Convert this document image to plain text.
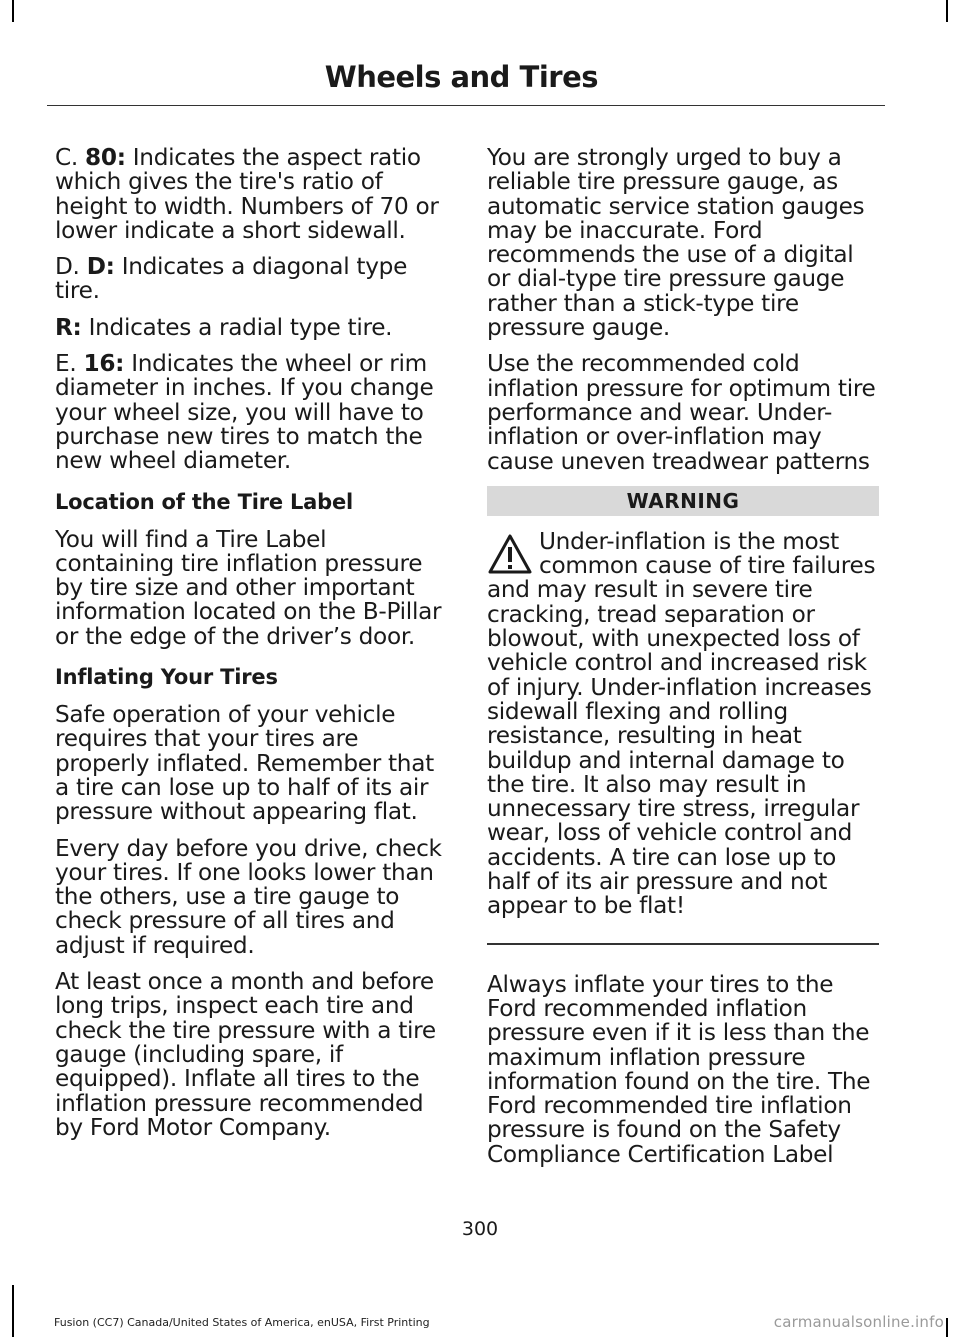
Wheels and Tires

C. 80: Indicates the aspect ratio which gives the tire's ratio of height to width. Numbers of 70 or lower indicate a short sidewall.

D. D: Indicates a diagonal type tire.

R: Indicates a radial type tire.

E. 16: Indicates the wheel or rim diameter in inches. If you change your wheel size, you will have to purchase new tires to match the new wheel diameter.

Location of the Tire Label

You will find a Tire Label containing tire inflation pressure by tire size and other important information located on the B-Pillar or the edge of the driver’s door.

Inflating Your Tires

Safe operation of your vehicle requires that your tires are properly inflated. Remember that a tire can lose up to half of its air pressure without appearing flat.

Every day before you drive, check your tires. If one looks lower than the others, use a tire gauge to check pressure of all tires and adjust if required.

At least once a month and before long trips, inspect each tire and check the tire pressure with a tire gauge (including spare, if equipped). Inflate all tires to the inflation pressure recommended by Ford Motor Company.

You are strongly urged to buy a reliable tire pressure gauge, as automatic service station gauges may be inaccurate. Ford recommends the use of a digital or dial-type tire pressure gauge rather than a stick-type tire pressure gauge.

Use the recommended cold inflation pressure for optimum tire performance and wear. Under-inflation or over-inflation may cause uneven treadwear patterns

WARNING

Under-inflation is the most common cause of tire failures and may result in severe tire cracking, tread separation or blowout, with unexpected loss of vehicle control and increased risk of injury. Under-inflation increases sidewall flexing and rolling resistance, resulting in heat buildup and internal damage to the tire. It also may result in unnecessary tire stress, irregular wear, loss of vehicle control and accidents. A tire can lose up to half of its air pressure and not appear to be flat!

Always inflate your tires to the Ford recommended inflation pressure even if it is less than the maximum inflation pressure information found on the tire. The Ford recommended tire inflation pressure is found on the Safety Compliance Certification Label

300
Fusion (CC7) Canada/United States of America, enUSA, First Printing	carmanualsonline.info
